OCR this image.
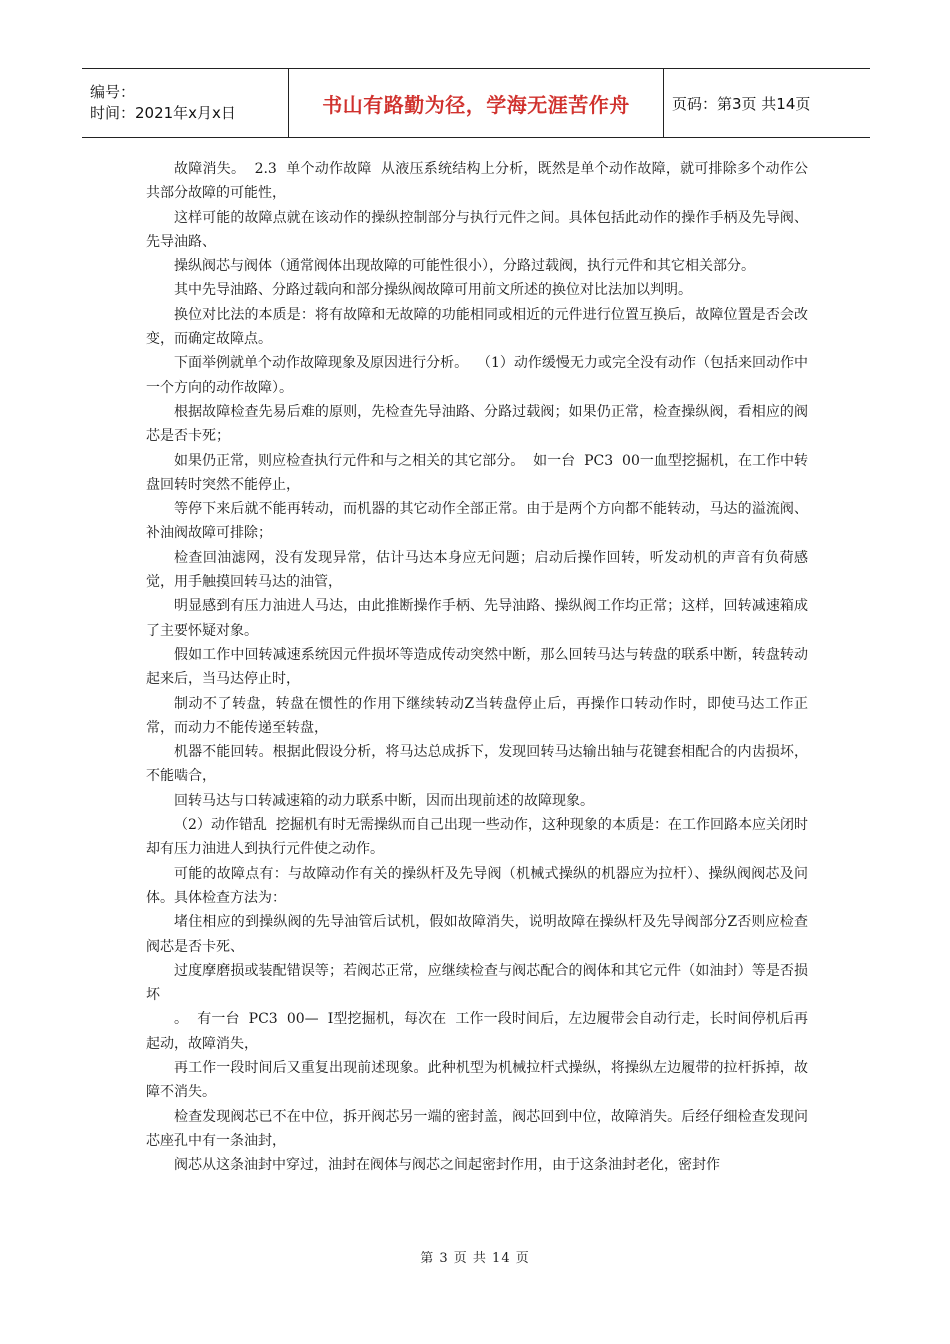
编号：
时间：2021年x月x日	书山有路勤为径，学海无涯苦作舟	页码：第3页 共14页

故障消失。  2.3  单个动作故障  从液压系统结构上分析，既然是单个动作故障，就可排除多个动作公共部分故障的可能性，

这样可能的故障点就在该动作的操纵控制部分与执行元件之间。具体包括此动作的操作手柄及先导阀、先导油路、

操纵阀芯与阀体（通常阀体出现故障的可能性很小），分路过载阀，执行元件和其它相关部分。

其中先导油路、分路过载向和部分操纵阀故障可用前文所述的换位对比法加以判明。

换位对比法的本质是：将有故障和无故障的功能相同或相近的元件进行位置互换后，故障位置是否会改变，而确定故障点。

下面举例就单个动作故障现象及原因进行分析。  （1）动作缓慢无力或完全没有动作（包括来回动作中一个方向的动作故障）。

根据故障检查先易后难的原则，先检查先导油路、分路过载阀；如果仍正常，检查操纵阀，看相应的阀芯是否卡死；

如果仍正常，则应检查执行元件和与之相关的其它部分。  如一台  PC3  00一血型挖掘机，在工作中转盘回转时突然不能停止，

等停下来后就不能再转动，而机器的其它动作全部正常。由于是两个方向都不能转动，马达的溢流阀、补油阀故障可排除；

检查回油滤网，没有发现异常，估计马达本身应无问题；启动后操作回转，听发动机的声音有负荷感觉，用手触摸回转马达的油管，

明显感到有压力油进人马达，由此推断操作手柄、先导油路、操纵阀工作均正常；这样，回转减速箱成了主要怀疑对象。

假如工作中回转减速系统因元件损坏等造成传动突然中断，那么回转马达与转盘的联系中断，转盘转动起来后，当马达停止时，

制动不了转盘，转盘在惯性的作用下继续转动Z当转盘停止后，再操作口转动作时，即使马达工作正常，而动力不能传递至转盘，

机器不能回转。根据此假设分析，将马达总成拆下，发现回转马达输出轴与花键套相配合的内齿损坏，不能啮合，

回转马达与口转减速箱的动力联系中断，因而出现前述的故障现象。

（2）动作错乱  挖掘机有时无需操纵而自己出现一些动作，这种现象的本质是：在工作回路本应关闭时却有压力油进人到执行元件使之动作。

可能的故障点有：与故障动作有关的操纵杆及先导阀（机械式操纵的机器应为拉杆）、操纵阀阀芯及问体。具体检查方法为：

堵住相应的到操纵阀的先导油管后试机，假如故障消失，说明故障在操纵杆及先导阀部分Z否则应检查阀芯是否卡死、

过度摩磨损或装配错误等；若阀芯正常，应继续检查与阀芯配合的阀体和其它元件（如油封）等是否损坏

。  有一台  PC3  00—  I型挖掘机，每次在  工作一段时间后，左边履带会自动行走，长时间停机后再起动，故障消失，

再工作一段时间后又重复出现前述现象。此种机型为机械拉杆式操纵，将操纵左边履带的拉杆拆掉，故障不消失。

检查发现阀芯已不在中位，拆开阀芯另一端的密封盖，阀芯回到中位，故障消失。后经仔细检查发现问芯座孔中有一条油封，

阀芯从这条油封中穿过，油封在阀体与阀芯之间起密封作用，由于这条油封老化，密封作

第 3 页 共 14 页
